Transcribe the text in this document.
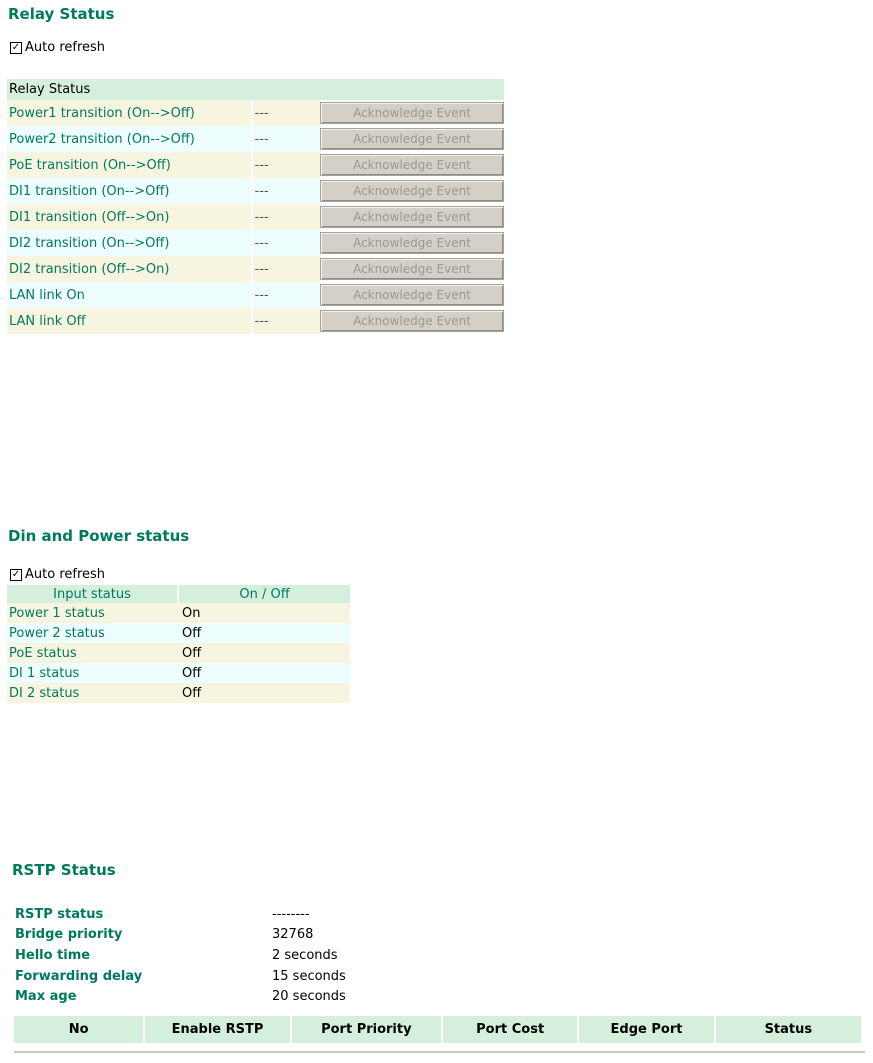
Relay Status
✓ Auto refresh
Relay Status
Power1 transition (On-->Off)	---	Acknowledge Event
Power2 transition (On-->Off)	---	Acknowledge Event
PoE transition (On-->Off)	---	Acknowledge Event
DI1 transition (On-->Off)	---	Acknowledge Event
DI1 transition (Off-->On)	---	Acknowledge Event
DI2 transition (On-->Off)	---	Acknowledge Event
DI2 transition (Off-->On)	---	Acknowledge Event
LAN link On	---	Acknowledge Event
LAN link Off	---	Acknowledge Event
Din and Power status
✓ Auto refresh
Input status	On / Off
Power 1 status	On
Power 2 status	Off
PoE status	Off
DI 1 status	Off
DI 2 status	Off
RSTP Status
RSTP status	--------
Bridge priority	32768
Hello time	2 seconds
Forwarding delay	15 seconds
Max age	20 seconds
No	Enable RSTP	Port Priority	Port Cost	Edge Port	Status
